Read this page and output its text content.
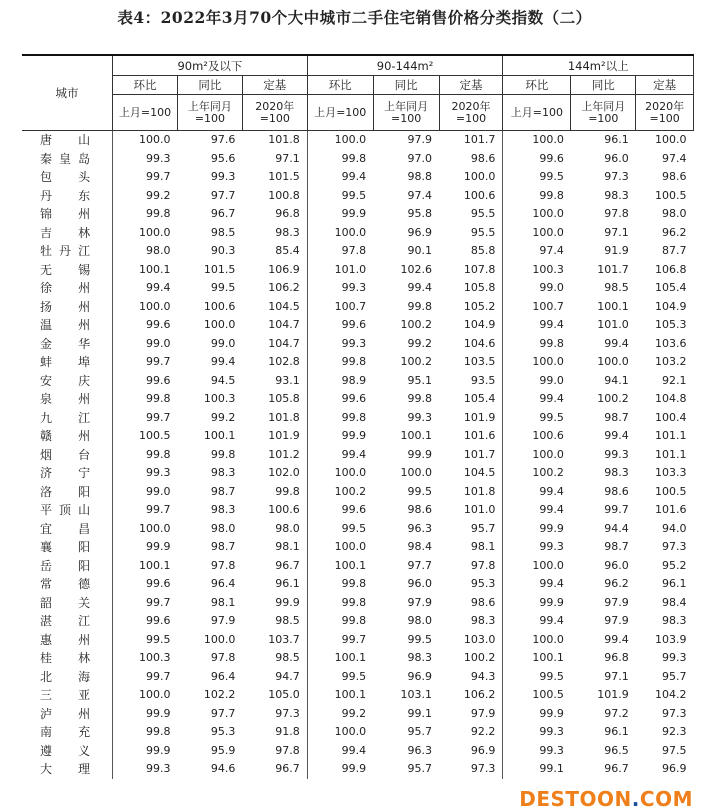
表4：2022年3月70个大中城市二手住宅销售价格分类指数（二）
城市	90m²及以下			90-144m²			144m²以上		
	环比	同比	定基	环比	同比	定基	环比	同比	定基
	上月=100	上年同月=100	2020年=100	上月=100	上年同月=100	2020年=100	上月=100	上年同月=100	2020年=100
唐山	100.0	97.6	101.8	100.0	97.9	101.7	100.0	96.1	100.0
秦皇岛	99.3	95.6	97.1	99.8	97.0	98.6	99.6	96.0	97.4
包头	99.7	99.3	101.5	99.4	98.8	100.0	99.5	97.3	98.6
丹东	99.2	97.7	100.8	99.5	97.4	100.6	99.8	98.3	100.5
锦州	99.8	96.7	96.8	99.9	95.8	95.5	100.0	97.8	98.0
吉林	100.0	98.5	98.3	100.0	96.9	95.5	100.0	97.1	96.2
牡丹江	98.0	90.3	85.4	97.8	90.1	85.8	97.4	91.9	87.7
无锡	100.1	101.5	106.9	101.0	102.6	107.8	100.3	101.7	106.8
徐州	99.4	99.5	106.2	99.3	99.4	105.8	99.0	98.5	105.4
扬州	100.0	100.6	104.5	100.7	99.8	105.2	100.7	100.1	104.9
温州	99.6	100.0	104.7	99.6	100.2	104.9	99.4	101.0	105.3
金华	99.0	99.0	104.7	99.3	99.2	104.6	99.8	99.4	103.6
蚌埠	99.7	99.4	102.8	99.8	100.2	103.5	100.0	100.0	103.2
安庆	99.6	94.5	93.1	98.9	95.1	93.5	99.0	94.1	92.1
泉州	99.8	100.3	105.8	99.6	99.8	105.4	99.4	100.2	104.8
九江	99.7	99.2	101.8	99.8	99.3	101.9	99.5	98.7	100.4
赣州	100.5	100.1	101.9	99.9	100.1	101.6	100.6	99.4	101.1
烟台	99.8	99.8	101.2	99.4	99.9	101.7	100.0	99.3	101.1
济宁	99.3	98.3	102.0	100.0	100.0	104.5	100.2	98.3	103.3
洛阳	99.0	98.7	99.8	100.2	99.5	101.8	99.4	98.6	100.5
平顶山	99.7	98.3	100.6	99.6	98.6	101.0	99.4	99.7	101.6
宜昌	100.0	98.0	98.0	99.5	96.3	95.7	99.9	94.4	94.0
襄阳	99.9	98.7	98.1	100.0	98.4	98.1	99.3	98.7	97.3
岳阳	100.1	97.8	96.7	100.1	97.7	97.8	100.0	96.0	95.2
常德	99.6	96.4	96.1	99.8	96.0	95.3	99.4	96.2	96.1
韶关	99.7	98.1	99.9	99.8	97.9	98.6	99.9	97.9	98.4
湛江	99.6	97.9	98.5	99.8	98.0	98.3	99.4	97.9	98.3
惠州	99.5	100.0	103.7	99.7	99.5	103.0	100.0	99.4	103.9
桂林	100.3	97.8	98.5	100.1	98.3	100.2	100.1	96.8	99.3
北海	99.7	96.4	94.7	99.5	96.9	94.3	99.5	97.1	95.7
三亚	100.0	102.2	105.0	100.1	103.1	106.2	100.5	101.9	104.2
泸州	99.9	97.7	97.3	99.2	99.1	97.9	99.9	97.2	97.3
南充	99.8	95.3	91.8	100.0	95.7	92.2	99.3	96.1	92.3
遵义	99.9	95.9	97.8	99.4	96.3	96.9	99.3	96.5	97.5
大理	99.3	94.6	96.7	99.9	95.7	97.3	99.1	96.7	96.9
DESTOON.COM
